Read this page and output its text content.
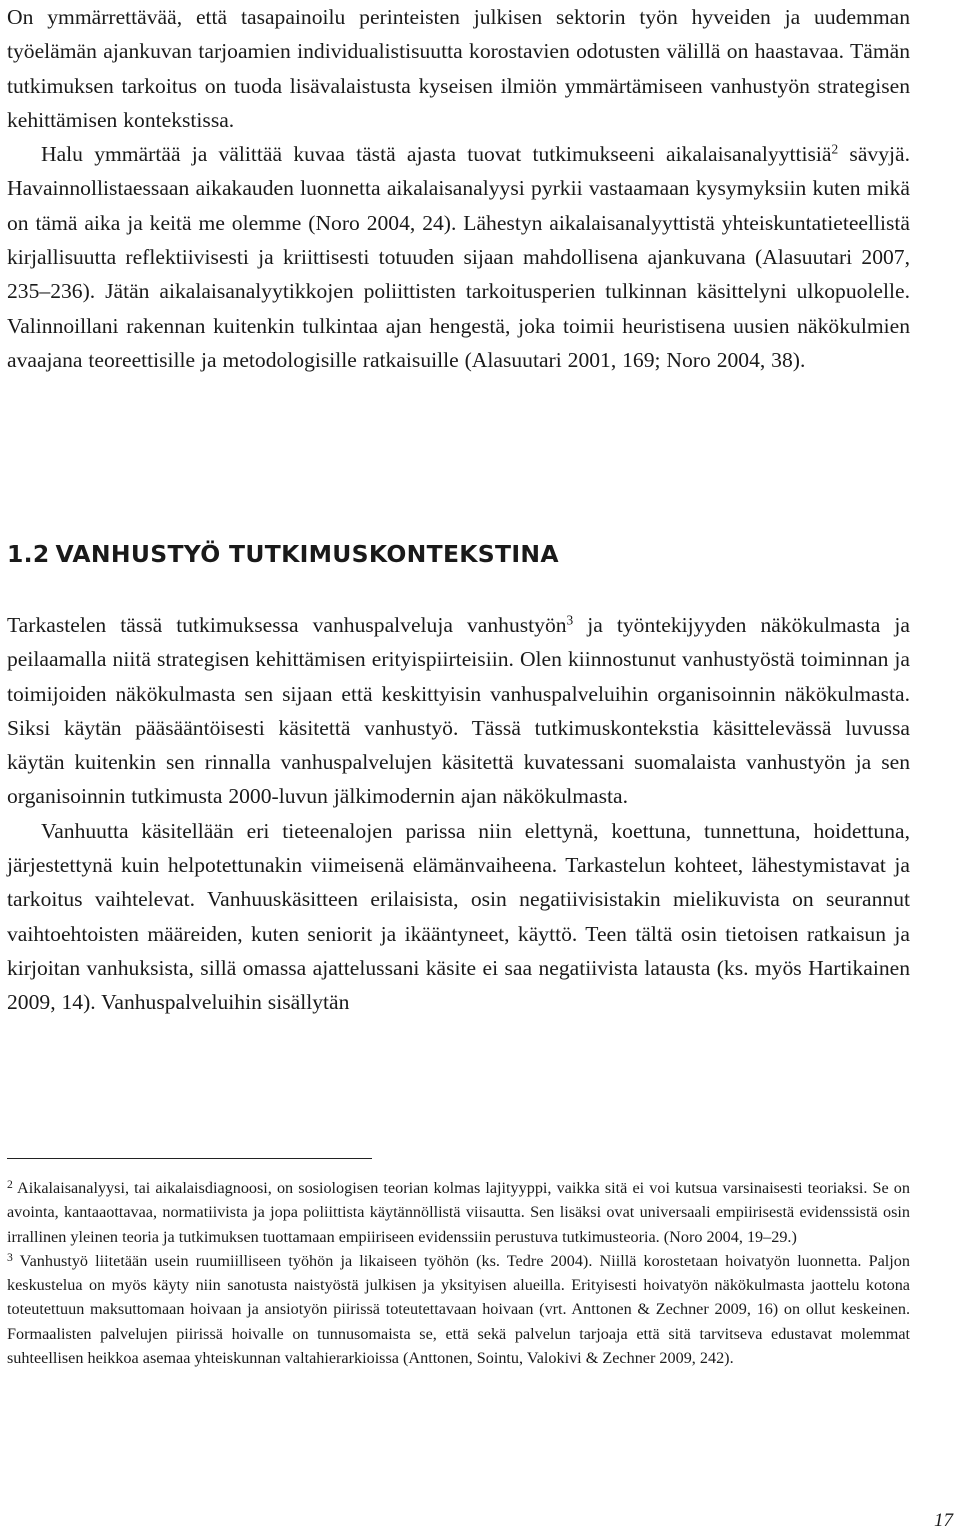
On ymmärrettävää, että tasapainoilu perinteisten julkisen sektorin työn hyveiden ja uudemman työelämän ajankuvan tarjoamien individualistisuutta korostavien odotusten välillä on haastavaa. Tämän tutkimuksen tarkoitus on tuoda lisävalaistusta kyseisen ilmiön ymmärtämiseen vanhustyön strategisen kehittämisen kontekstissa.
Halu ymmärtää ja välittää kuvaa tästä ajasta tuovat tutkimukseeni aikalaisanalyyttisiä$^2$ sävyjä. Havainnollistaessaan aikakauden luonnetta aikalaisanalyysi pyrkii vastaamaan kysymyksiin kuten mikä on tämä aika ja keitä me olemme (Noro 2004, 24). Lähestyn aikalaisanalyyttistä yhteiskuntatieteellistä kirjallisuutta reflektiivisesti ja kriittisesti totuuden sijaan mahdollisena ajankuvana (Alasuutari 2007, 235–236). Jätän aikalaisanalyytikkojen poliittisten tarkoitusperien tulkinnan käsittelyni ulkopuolelle. Valinnoillani rakennan kuitenkin tulkintaa ajan hengestä, joka toimii heuristisena uusien näkökulmien avaajana teoreettisille ja metodologisille ratkaisuille (Alasuutari 2001, 169; Noro 2004, 38).

1.2 VANHUSTYÖ TUTKIMUSKONTEKSTINA

Tarkastelen tässä tutkimuksessa vanhuspalveluja vanhustyön$^3$ ja työntekijyyden näkökulmasta ja peilaamalla niitä strategisen kehittämisen erityispiirteisiin. Olen kiinnostunut vanhustyöstä toiminnan ja toimijoiden näkökulmasta sen sijaan että keskittyisin vanhuspalveluihin organisoinnin näkökulmasta. Siksi käytän pääsääntöisesti käsitettä vanhustyö. Tässä tutkimuskontekstia käsittelevässä luvussa käytän kuitenkin sen rinnalla vanhuspalvelujen käsitettä kuvatessani suomalaista vanhustyön ja sen organisoinnin tutkimusta 2000-luvun jälkimodernin ajan näkökulmasta.

Vanhuutta käsitellään eri tieteenalojen parissa niin elettynä, koettuna, tunnettuna, hoidettuna, järjestettynä kuin helpotettunakin viimeisenä elämänvaiheena. Tarkastelun kohteet, lähestymistavat ja tarkoitus vaihtelevat. Vanhuuskäsitteen erilaisista, osin negatiivisistakin mielikuvista on seurannut vaihtoehtoisten määreiden, kuten seniorit ja ikääntyneet, käyttö. Teen tältä osin tietoisen ratkaisun ja kirjoitan vanhuksista, sillä omassa ajattelussani käsite ei saa negatiivista latausta (ks. myös Hartikainen 2009, 14). Vanhuspalveluihin sisällytän

$^2$ Aikalaisanalyysi, tai aikalaisdiagnoosi, on sosiologisen teorian kolmas lajityyppi, vaikka sitä ei voi kutsua varsinaisesti teoriaksi. Se on avointa, kantaaottavaa, normatiivista ja jopa poliittista käytännöllistä viisautta. Sen lisäksi ovat universaali empiirisestä evidenssistä osin irrallinen yleinen teoria ja tutkimuksen tuottamaan empiiriseen evidenssiin perustuva tutkimusteoria. (Noro 2004, 19–29.)

$^3$ Vanhustyö liitetään usein ruumiilliseen työhön ja likaiseen työhön (ks. Tedre 2004). Niillä korostetaan hoivatyön luonnetta. Paljon keskustelua on myös käyty niin sanotusta naistyöstä julkisen ja yksityisen alueilla. Erityisesti hoivatyön näkökulmasta jaottelu kotona toteutettuun maksuttomaan hoivaan ja ansiotyön piirissä toteutettavaan hoivaan (vrt. Anttonen & Zechner 2009, 16) on ollut keskeinen. Formaalisten palvelujen piirissä hoivalle on tunnusomaista se, että sekä palvelun tarjoaja että sitä tarvitseva edustavat molemmat suhteellisen heikkoa asemaa yhteiskunnan valtahierarkioissa (Anttonen, Sointu, Valokivi & Zechner 2009, 242).

17
